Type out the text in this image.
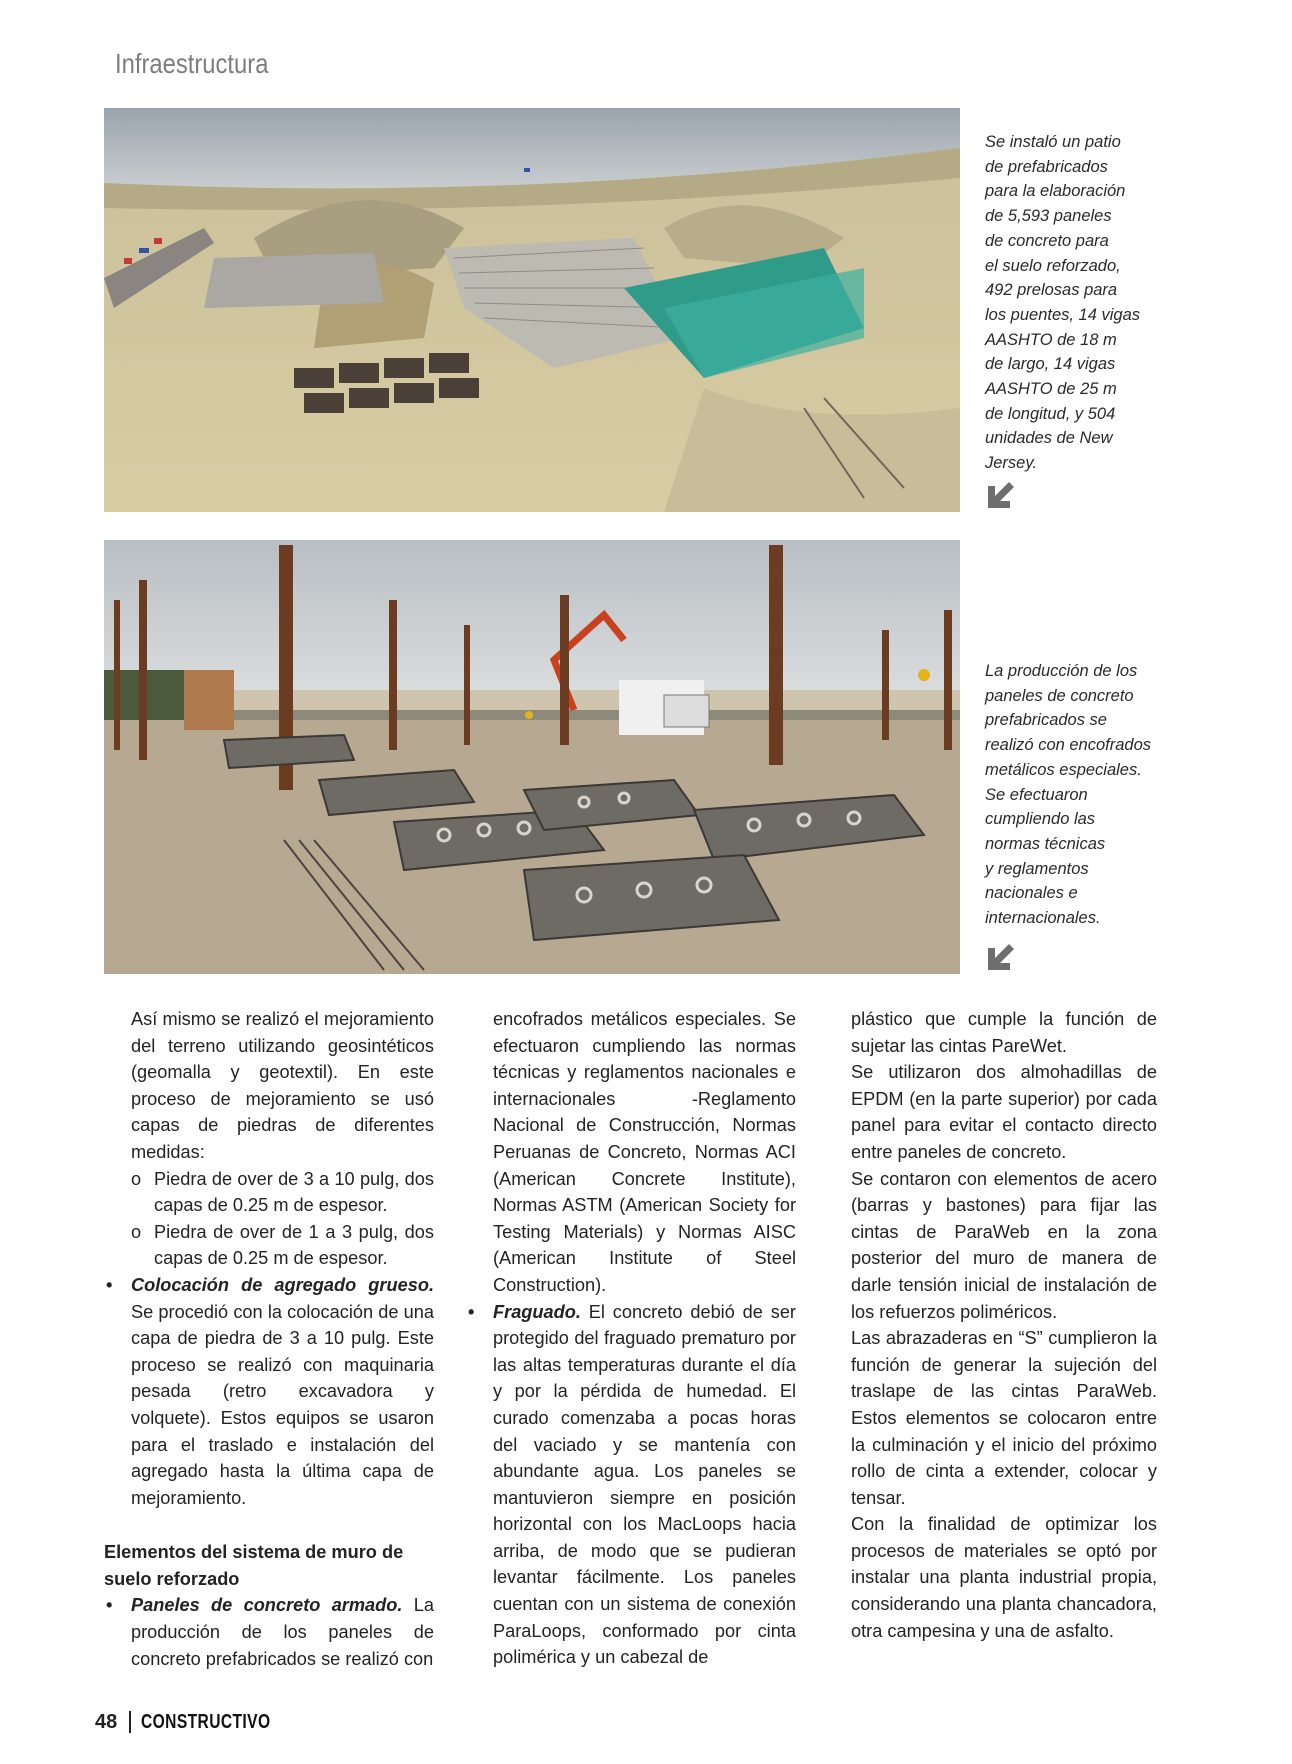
Infraestructura

Se instaló un patio

de prefabricados

para la elaboración

de 5,593 paneles

de concreto para

el suelo reforzado,

492 prelosas para

los puentes, 14 vigas

AASHTO de 18 m

de largo, 14 vigas

AASHTO de 25 m

de longitud, y 504

unidades de New

Jersey.

La producción de los

paneles de concreto

prefabricados se

realizó con encofrados

metálicos especiales.

Se efectuaron

cumpliendo las

normas técnicas

y reglamentos

nacionales e

internacionales.

Así mismo se realizó el mejoramiento del terreno utilizando geosintéticos (geomalla y geotextil). En este proceso de mejoramiento se usó capas de piedras de diferentes medidas:

o Piedra de over de 3 a 10 pulg, dos capas de 0.25 m de espesor.

o Piedra de over de 1 a 3 pulg, dos capas de 0.25 m de espesor.

• Colocación de agregado grueso. Se procedió con la colocación de una capa de piedra de 3 a 10 pulg. Este proceso se realizó con maquinaria pesada (retro excavadora y volquete). Estos equipos se usaron para el traslado e instalación del agregado hasta la última capa de mejoramiento.

Elementos del sistema de muro de suelo reforzado

• Paneles de concreto armado. La producción de los paneles de concreto prefabricados se realizó con

encofrados metálicos especiales. Se efectuaron cumpliendo las normas técnicas y reglamentos nacionales e internacionales -Reglamento Nacional de Construcción, Normas Peruanas de Concreto, Normas ACI (American Concrete Institute), Normas ASTM (American Society for Testing Materials) y Normas AISC (American Institute of Steel Construction).

• Fraguado. El concreto debió de ser protegido del fraguado prematuro por las altas temperaturas durante el día y por la pérdida de humedad. El curado comenzaba a pocas horas del vaciado y se mantenía con abundante agua. Los paneles se mantuvieron siempre en posición horizontal con los MacLoops hacia arriba, de modo que se pudieran levantar fácilmente. Los paneles cuentan con un sistema de conexión ParaLoops, conformado por cinta polimérica y un cabezal de

plástico que cumple la función de sujetar las cintas PareWet.

Se utilizaron dos almohadillas de EPDM (en la parte superior) por cada panel para evitar el contacto directo entre paneles de concreto.

Se contaron con elementos de acero (barras y bastones) para fijar las cintas de ParaWeb en la zona posterior del muro de manera de darle tensión inicial de instalación de los refuerzos poliméricos.

Las abrazaderas en “S” cumplieron la función de generar la sujeción del traslape de las cintas ParaWeb. Estos elementos se colocaron entre la culminación y el inicio del próximo rollo de cinta a extender, colocar y tensar.

Con la finalidad de optimizar los procesos de materiales se optó por instalar una planta industrial propia, considerando una planta chancadora, otra campesina y una de asfalto.

48 CONSTRUCTIVO
